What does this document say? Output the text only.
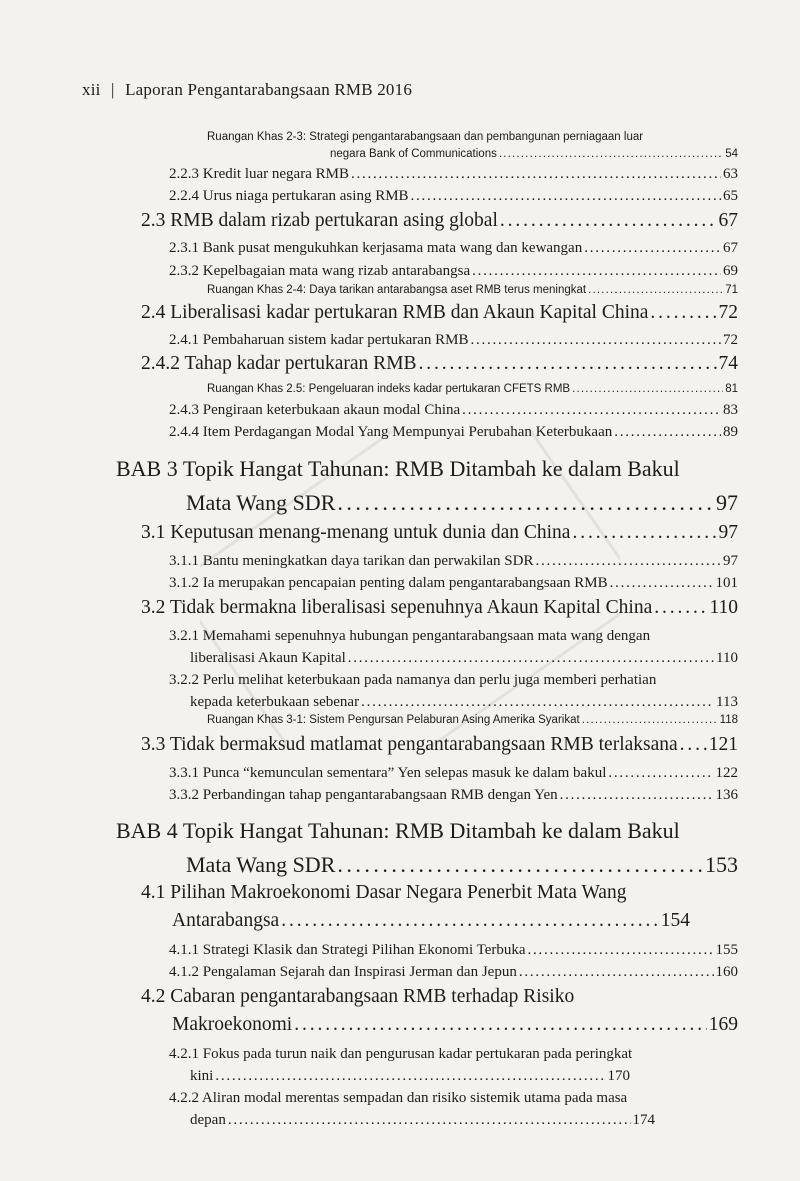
xii | Laporan Pengantarabangsaan RMB 2016
Ruangan Khas 2-3: Strategi pengantarabangsaan dan pembangunan perniagaan luar
negara Bank of Communications . . .	54
2.2.3 Kredit luar negara RMB . . .	63
2.2.4 Urus niaga pertukaran asing RMB . . .	65
2.3 RMB dalam rizab pertukaran asing global . . .	67
2.3.1 Bank pusat mengukuhkan kerjasama mata wang dan kewangan . . .	67
2.3.2 Kepelbagaian mata wang rizab antarabangsa . . .	69
Ruangan Khas 2-4: Daya tarikan antarabangsa aset RMB terus meningkat . . .	71
2.4 Liberalisasi kadar pertukaran RMB dan Akaun Kapital China . . .	72
2.4.1 Pembaharuan sistem kadar pertukaran RMB . . .	72
2.4.2 Tahap kadar pertukaran RMB . . .	74
Ruangan Khas 2.5: Pengeluaran indeks kadar pertukaran CFETS RMB . . .	81
2.4.3 Pengiraan keterbukaan akaun modal China . . .	83
2.4.4 Item Perdagangan Modal Yang Mempunyai Perubahan Keterbukaan . . .	89
BAB 3 Topik Hangat Tahunan: RMB Ditambah ke dalam Bakul
Mata Wang SDR . . .	97
3.1 Keputusan menang-menang untuk dunia dan China . . .	97
3.1.1 Bantu meningkatkan daya tarikan dan perwakilan SDR . . .	97
3.1.2 Ia merupakan pencapaian penting dalam pengantarabangsaan RMB . . .	101
3.2 Tidak bermakna liberalisasi sepenuhnya Akaun Kapital China . . .	110
3.2.1 Memahami sepenuhnya hubungan pengantarabangsaan mata wang dengan
liberalisasi Akaun Kapital . . .	110
3.2.2 Perlu melihat keterbukaan pada namanya dan perlu juga memberi perhatian
kepada keterbukaan sebenar . . .	113
Ruangan Khas 3-1: Sistem Pengursan Pelaburan Asing Amerika Syarikat . . .	118
3.3 Tidak bermaksud matlamat pengantarabangsaan RMB terlaksana . . . 121
3.3.1 Punca “kemunculan sementara” Yen selepas masuk ke dalam bakul . . .	122
3.3.2 Perbandingan tahap pengantarabangsaan RMB dengan Yen . . .	136
BAB 4 Topik Hangat Tahunan: RMB Ditambah ke dalam Bakul
Mata Wang SDR . . .	153
4.1 Pilihan Makroekonomi Dasar Negara Penerbit Mata Wang
Antarabangsa . . .	154
4.1.1 Strategi Klasik dan Strategi Pilihan Ekonomi Terbuka . . .	155
4.1.2 Pengalaman Sejarah dan Inspirasi Jerman dan Jepun . . .	160
4.2 Cabaran pengantarabangsaan RMB terhadap Risiko
Makroekonomi . . .	169
4.2.1 Fokus pada turun naik dan pengurusan kadar pertukaran pada peringkat
kini . . .	170
4.2.2 Aliran modal merentas sempadan dan risiko sistemik utama pada masa
depan . . .	174
